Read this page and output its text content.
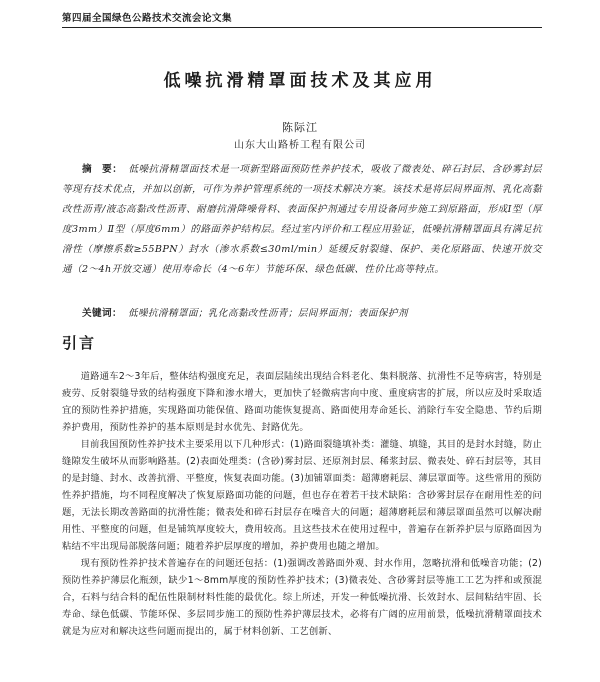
第四届全国绿色公路技术交流会论文集
低噪抗滑精罩面技术及其应用
陈际江
山东大山路桥工程有限公司
摘　要： 低噪抗滑精罩面技术是一项新型路面预防性养护技术，吸收了微表处、碎石封层、含砂雾封层等现有技术优点，并加以创新，可作为养护管理系统的一项技术解决方案。该技术是将层间界面剂、乳化高黏改性沥青/液态高黏改性沥青、耐磨抗滑降噪骨料、表面保护剂通过专用设备同步施工到原路面，形成Ⅰ型（厚度3mm）Ⅱ型（厚度6mm）的路面养护结构层。经过室内评价和工程应用验证，低噪抗滑精罩面具有满足抗滑性（摩擦系数≥55BPN）封水（渗水系数≤30ml/min）延缓反射裂缝、保护、美化原路面、快速开放交通（2～4h开放交通）使用寿命长（4～6年）节能环保、绿色低碳、性价比高等特点。
关键词： 低噪抗滑精罩面；乳化高黏改性沥青；层间界面剂；表面保护剂
引言

道路通车2～3年后，整体结构强度充足，表面层陆续出现结合料老化、集料脱落、抗滑性不足等病害，特别是疲劳、反射裂缝导致的结构强度下降和渗水增大，更加快了轻微病害向中度、重度病害的扩展，所以应及时采取适宜的预防性养护措施，实现路面功能保值、路面功能恢复提高、路面使用寿命延长、消除行车安全隐患、节约后期养护费用，预防性养护的基本原则是封水优先、封路优先。

目前我国预防性养护技术主要采用以下几种形式：(1)路面裂缝填补类：灌缝、填缝，其目的是封水封缝，防止缝隙发生破坏从而影响路基。(2)表面处理类：(含砂)雾封层、还原剂封层、稀浆封层、微表处、碎石封层等，其目的是封缝、封水、改善抗滑、平整度，恢复表面功能。(3)加铺罩面类：超薄磨耗层、薄层罩面等。这些常用的预防性养护措施，均不同程度解决了恢复原路面功能的问题，但也存在着若干技术缺陷：含砂雾封层存在耐用性差的问题，无法长期改善路面的抗滑性能；微表处和碎石封层存在噪音大的问题；超薄磨耗层和薄层罩面虽然可以解决耐用性、平整度的问题，但是铺筑厚度较大，费用较高。且这些技术在使用过程中，普遍存在新养护层与原路面因为粘结不牢出现局部脱落问题；随着养护层厚度的增加，养护费用也随之增加。

现有预防性养护技术普遍存在的问题还包括：(1)强调改善路面外观、封水作用，忽略抗滑和低噪音功能；(2)预防性养护薄层化瓶颈，缺少1～8mm厚度的预防性养护技术；(3)微表处、含砂雾封层等施工工艺为拌和或预混合，石料与结合料的配伍性限制材料性能的最优化。综上所述，开发一种低噪抗滑、长效封水、层间粘结牢固、长寿命、绿色低碳、节能环保、多层同步施工的预防性养护薄层技术，必将有广阔的应用前景，低噪抗滑精罩面技术就是为应对和解决这些问题而提出的，属于材料创新、工艺创新、
